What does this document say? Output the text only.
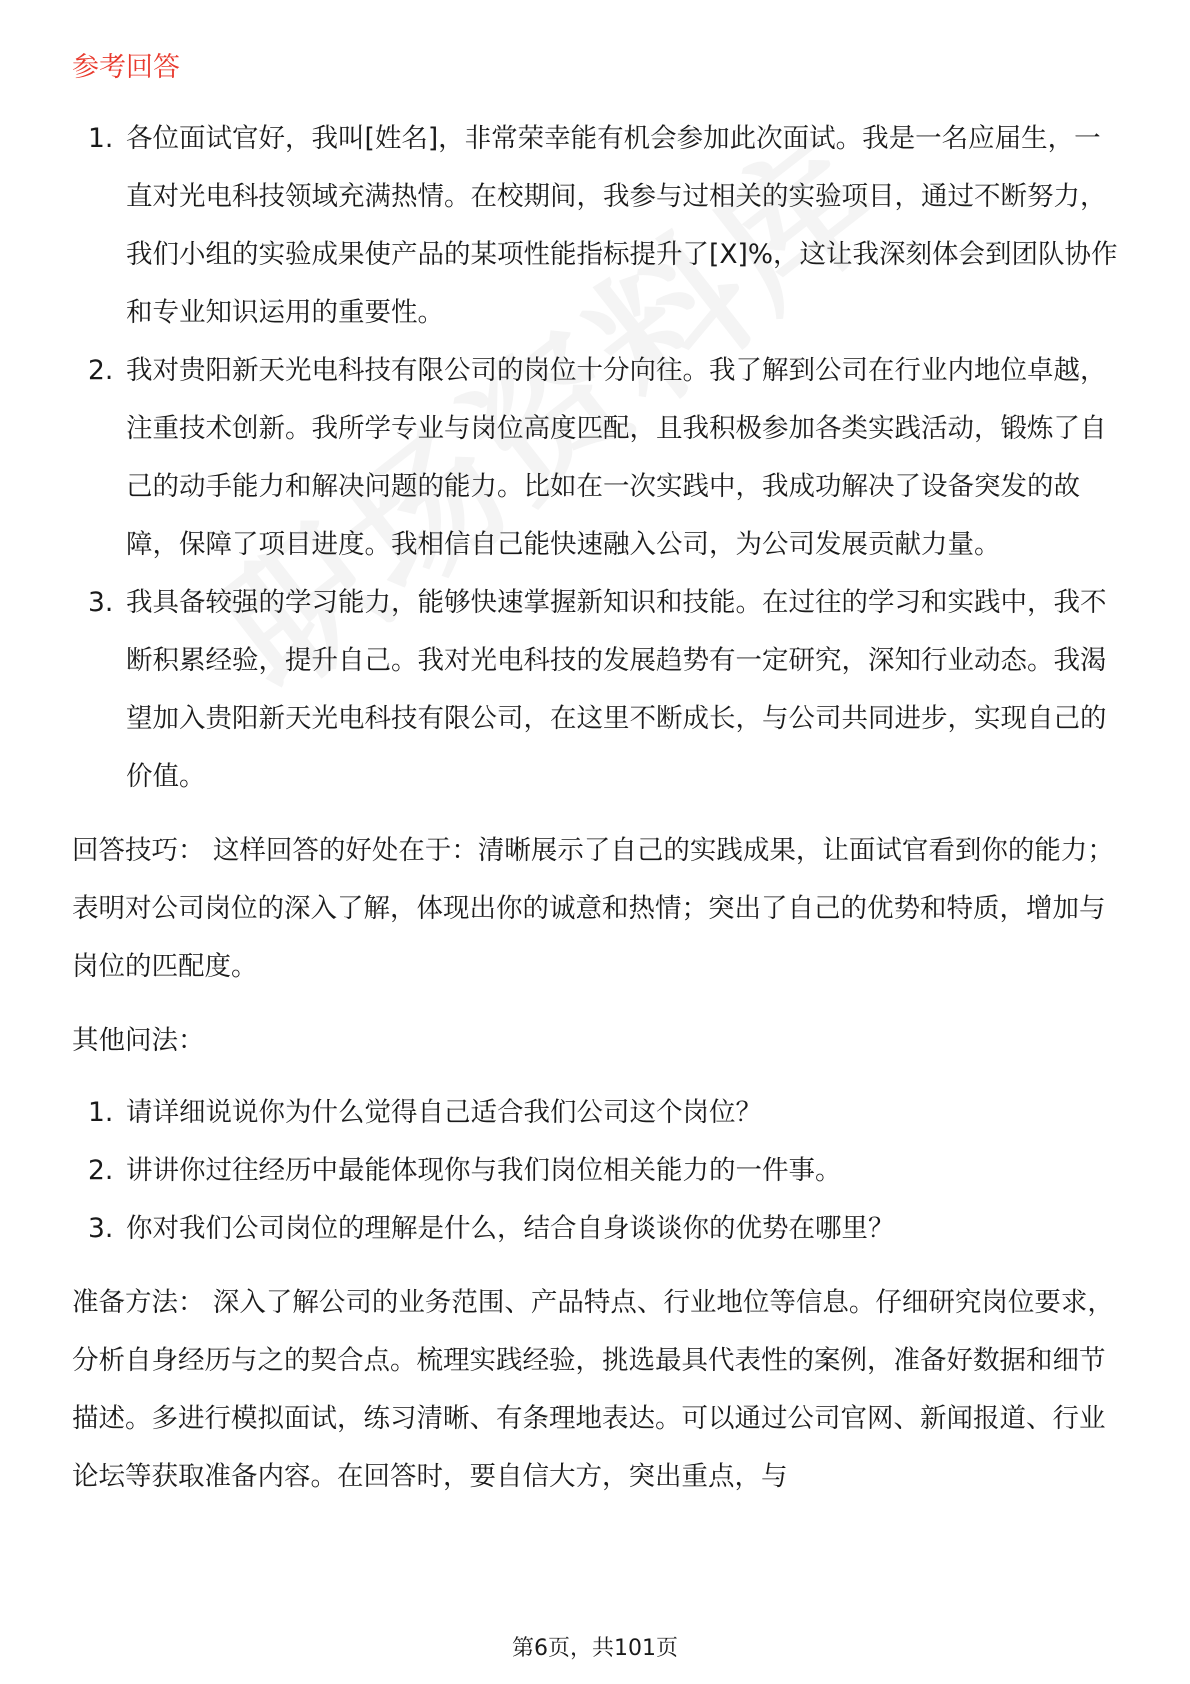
参考回答
1. 各位面试官好，我叫[姓名]，非常荣幸能有机会参加此次面试。我是一名应届生，一直对光电科技领域充满热情。在校期间，我参与过相关的实验项目，通过不断努力，我们小组的实验成果使产品的某项性能指标提升了[X]%，这让我深刻体会到团队协作和专业知识运用的重要性。
2. 我对贵阳新天光电科技有限公司的岗位十分向往。我了解到公司在行业内地位卓越，注重技术创新。我所学专业与岗位高度匹配，且我积极参加各类实践活动，锻炼了自己的动手能力和解决问题的能力。比如在一次实践中，我成功解决了设备突发的故障，保障了项目进度。我相信自己能快速融入公司，为公司发展贡献力量。
3. 我具备较强的学习能力，能够快速掌握新知识和技能。在过往的学习和实践中，我不断积累经验，提升自己。我对光电科技的发展趋势有一定研究，深知行业动态。我渴望加入贵阳新天光电科技有限公司，在这里不断成长，与公司共同进步，实现自己的价值。

回答技巧： 这样回答的好处在于：清晰展示了自己的实践成果，让面试官看到你的能力；表明对公司岗位的深入了解，体现出你的诚意和热情；突出了自己的优势和特质，增加与岗位的匹配度。

其他问法：

1. 请详细说说你为什么觉得自己适合我们公司这个岗位？
2. 讲讲你过往经历中最能体现你与我们岗位相关能力的一件事。
3. 你对我们公司岗位的理解是什么，结合自身谈谈你的优势在哪里？

准备方法： 深入了解公司的业务范围、产品特点、行业地位等信息。仔细研究岗位要求，分析自身经历与之的契合点。梳理实践经验，挑选最具代表性的案例，准备好数据和细节描述。多进行模拟面试，练习清晰、有条理地表达。可以通过公司官网、新闻报道、行业论坛等获取准备内容。在回答时，要自信大方，突出重点，与

第6页，共101页
